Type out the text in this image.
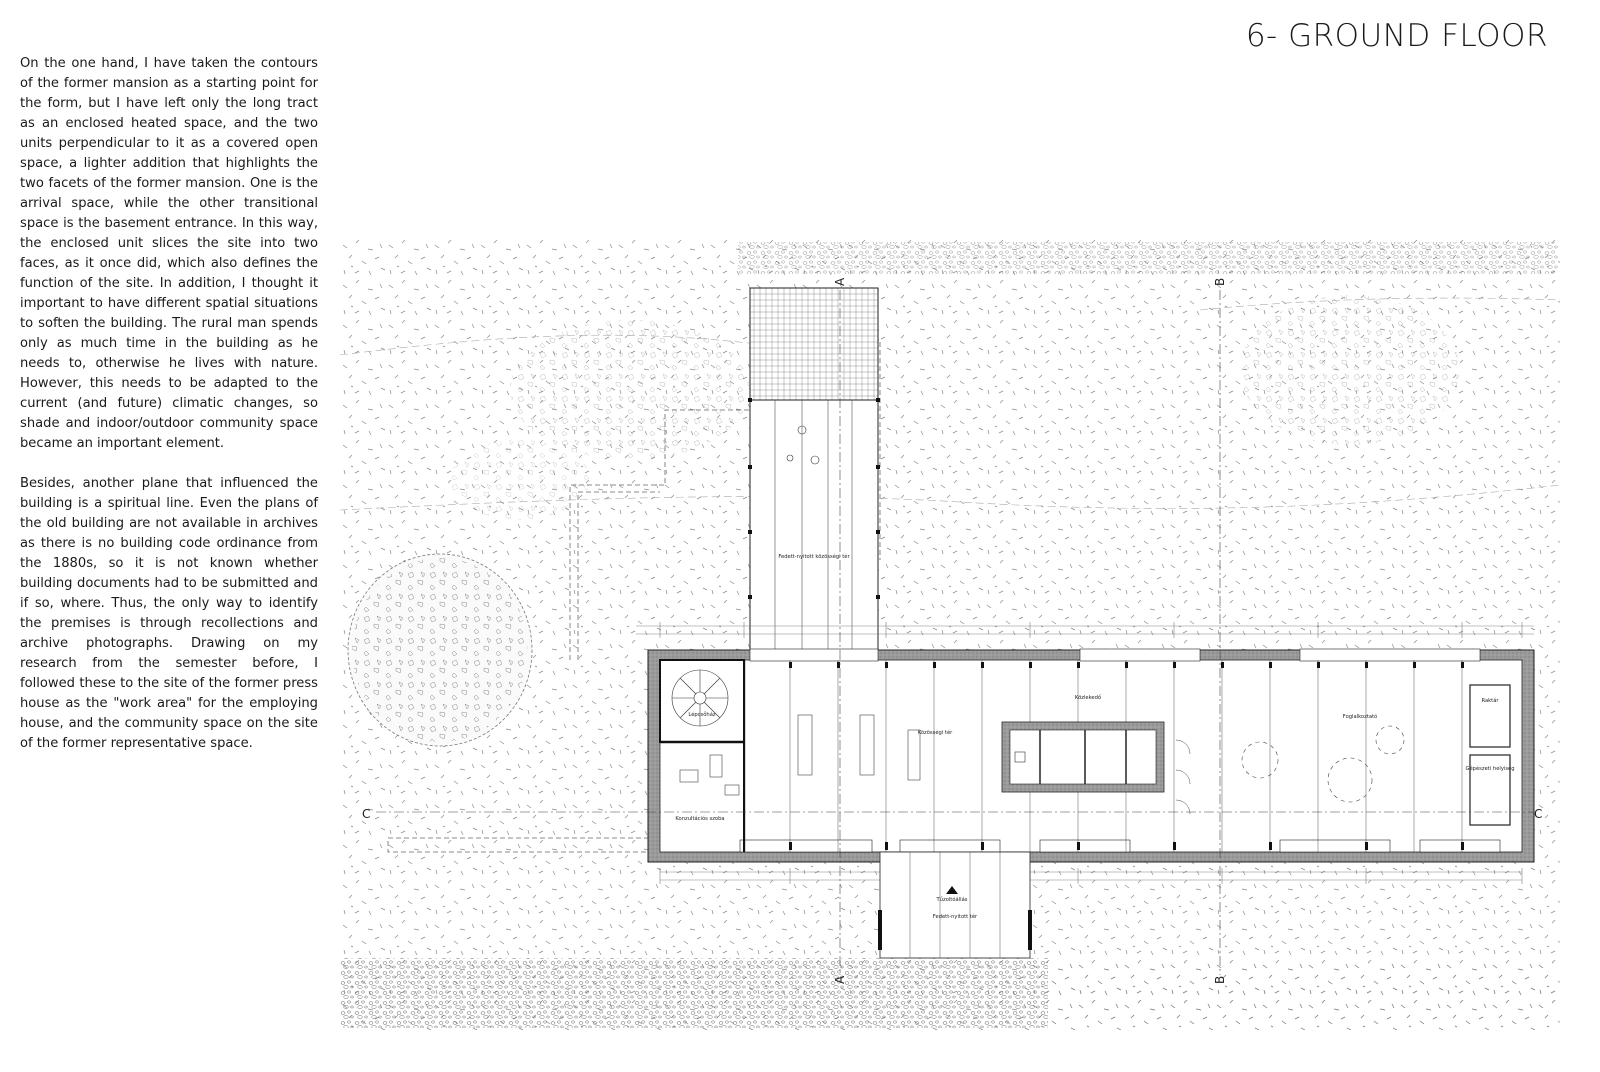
6- GROUND FLOOR

On the one hand, I have taken the contours of the former mansion as a starting point for the form, but I have left only the long tract as an enclosed heated space, and the two units perpendicular to it as a covered open space, a lighter addition that highlights the two facets of the former mansion. One is the arrival space, while the other transitional space is the basement entrance. In this way, the enclosed unit slices the site into two faces, as it once did, which also defines the function of the site. In addition, I thought it important to have different spatial situations to soften the building. The rural man spends only as much time in the building as he needs to, otherwise he lives with nature. However, this needs to be adapted to the current (and future) climatic changes, so shade and indoor/outdoor community space became an important element.

Besides, another plane that influenced the building is a spiritual line. Even the plans of the old building are not available in archives as there is no building code ordinance from the 1880s, so it is not known whether building documents had to be submitted and if so, where. Thus, the only way to identify the premises is through recollections and archive photographs. Drawing on my research from the semester before, I followed these to the site of the former press house as the "work area" for the employing house, and the community space on the site of the former representative space.

Fedett-nyitott közösségi tér
Lépcsőház
Konzultációs szoba
Közösségi tér
Közlekedő
Foglalkoztató
Raktár
Gépészeti helyiség
Tűzoltóállás
Fedett-nyitott tér
A
A
B
B
C	C
